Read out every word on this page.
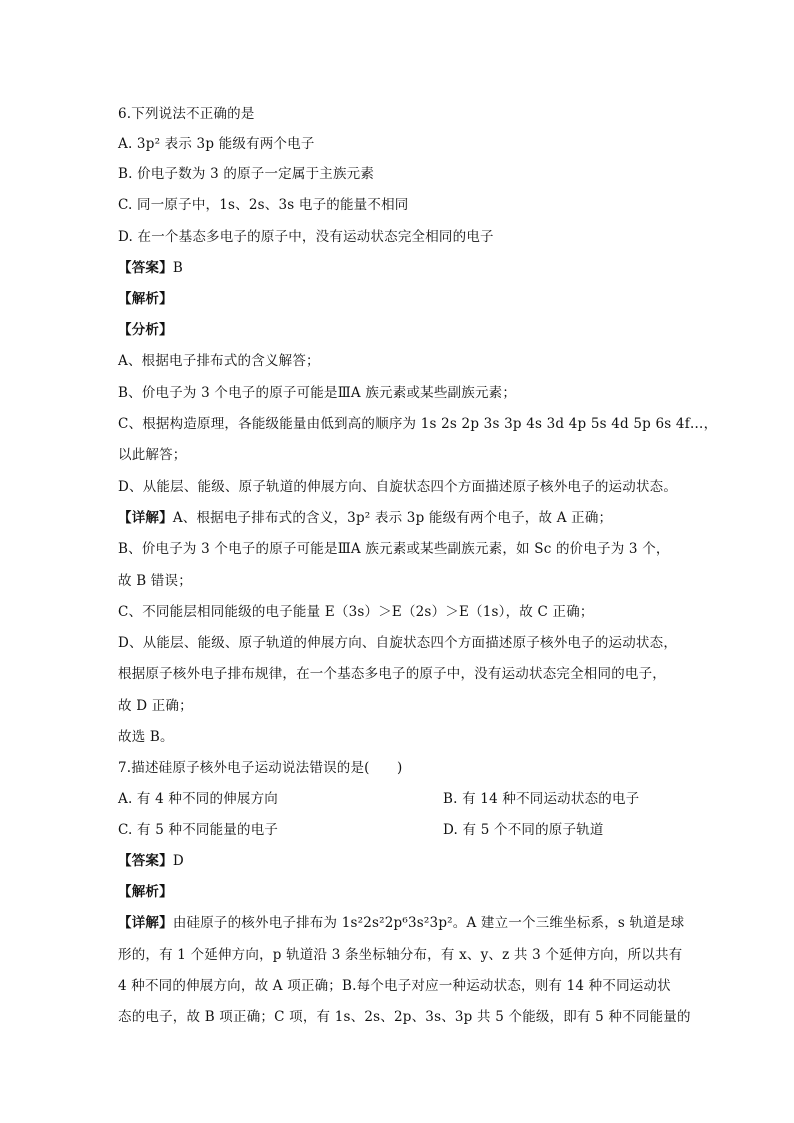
6.下列说法不正确的是
A. 3p² 表示 3p 能级有两个电子
B. 价电子数为 3 的原子一定属于主族元素
C. 同一原子中，1s、2s、3s 电子的能量不相同
D. 在一个基态多电子的原子中，没有运动状态完全相同的电子
【答案】B
【解析】
【分析】
A、根据电子排布式的含义解答；
B、价电子为 3 个电子的原子可能是ⅢA 族元素或某些副族元素；
C、根据构造原理，各能级能量由低到高的顺序为 1s 2s 2p 3s 3p 4s 3d 4p 5s 4d 5p 6s 4f…，
以此解答；
D、从能层、能级、原子轨道的伸展方向、自旋状态四个方面描述原子核外电子的运动状态。
【详解】A、根据电子排布式的含义，3p² 表示 3p 能级有两个电子，故 A 正确；
B、价电子为 3 个电子的原子可能是ⅢA 族元素或某些副族元素，如 Sc 的价电子为 3 个，
故 B 错误；
C、不同能层相同能级的电子能量 E（3s）＞E（2s）＞E（1s），故 C 正确；
D、从能层、能级、原子轨道的伸展方向、自旋状态四个方面描述原子核外电子的运动状态，
根据原子核外电子排布规律，在一个基态多电子的原子中，没有运动状态完全相同的电子，
故 D 正确；
故选 B。
7.描述硅原子核外电子运动说法错误的是(　　)
A. 有 4 种不同的伸展方向	B. 有 14 种不同运动状态的电子
C. 有 5 种不同能量的电子	D. 有 5 个不同的原子轨道
【答案】D
【解析】
【详解】由硅原子的核外电子排布为 1s²2s²2p⁶3s²3p²。A 建立一个三维坐标系，s 轨道是球
形的，有 1 个延伸方向，p 轨道沿 3 条坐标轴分布，有 x、y、z 共 3 个延伸方向，所以共有
4 种不同的伸展方向，故 A 项正确；B.每个电子对应一种运动状态，则有 14 种不同运动状
态的电子，故 B 项正确；C 项，有 1s、2s、2p、3s、3p 共 5 个能级，即有 5 种不同能量的
